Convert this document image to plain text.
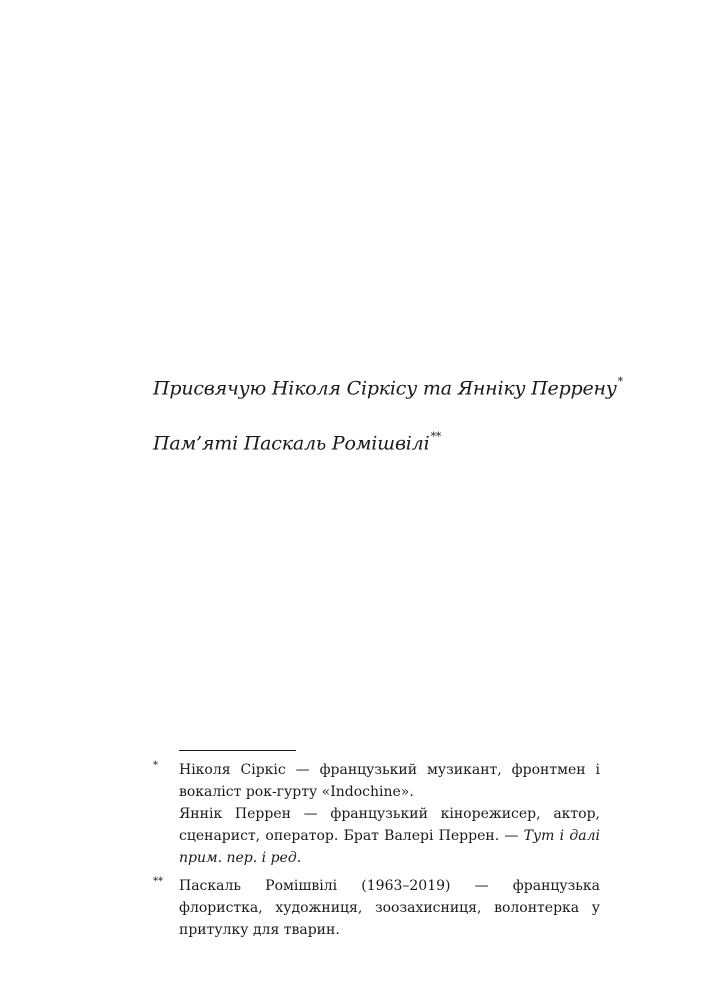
Присвячую Ніколя Сіркісу та Янніку Перрену*
Пам’яті Паскаль Ромішвілі**
* Ніколя Сіркіс — французький музикант, фронтмен і вокаліст рок-гурту «Indochine».

Яннік Перрен — французький кінорежисер, актор, сценарист, оператор. Брат Валері Перрен. — Тут і далі прим. пер. і ред.

** Паскаль Ромішвілі (1963–2019) — французька флористка, художниця, зоозахисниця, волонтерка у притулку для тварин.
